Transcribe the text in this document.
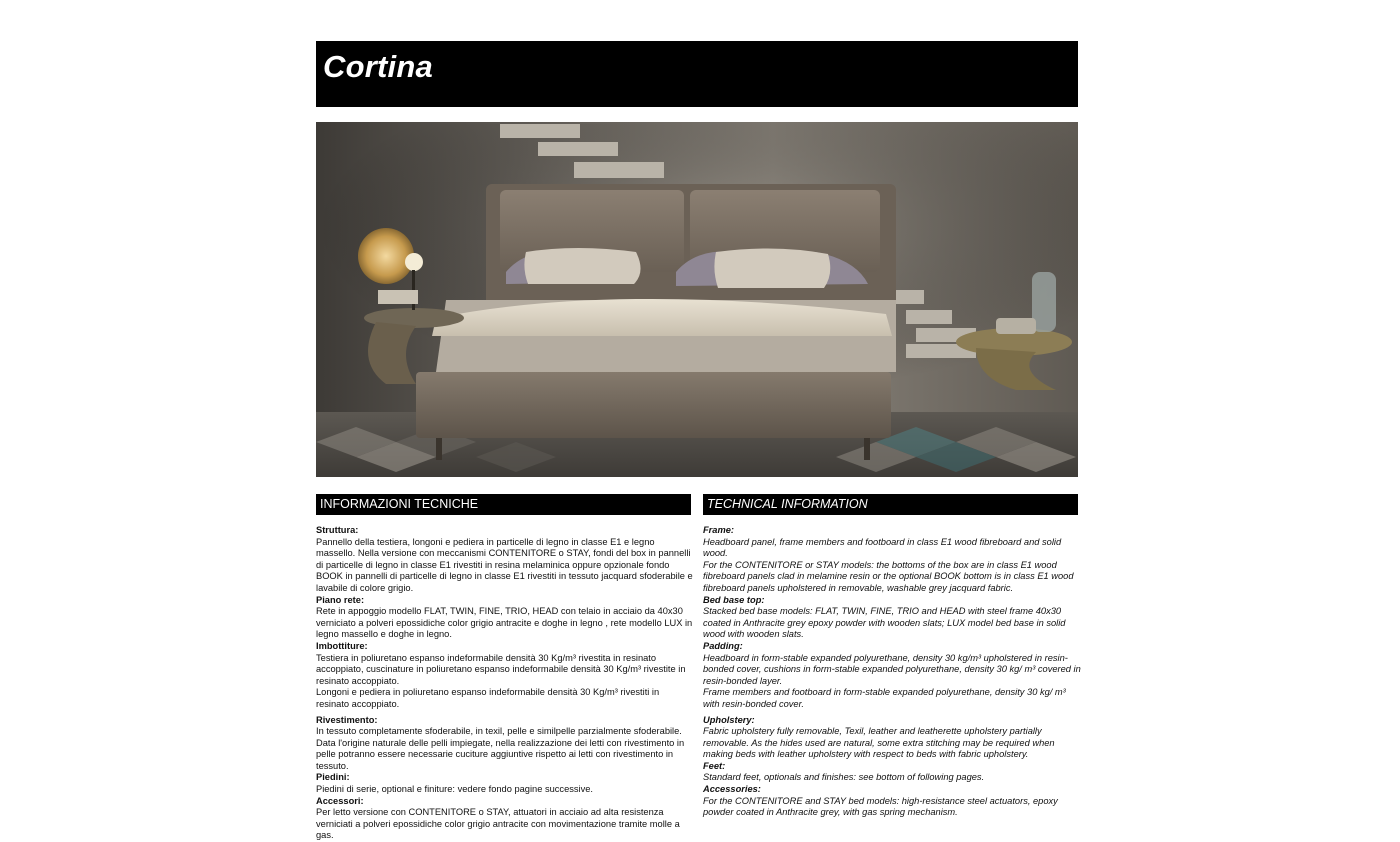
Cortina
INFORMAZIONI TECNICHE	TECHNICAL INFORMATION

Struttura:

Pannello della testiera, longoni e pediera in particelle di legno in classe E1 e legno massello. Nella versione con meccanismi CONTENITORE o STAY, fondi del box in pannelli di particelle di legno in classe E1 rivestiti in resina melaminica oppure opzionale fondo BOOK in pannelli di particelle di legno in classe E1 rivestiti in tessuto jacquard sfoderabile e lavabile di colore grigio.

Piano rete:

Rete in appoggio modello FLAT, TWIN, FINE, TRIO, HEAD con telaio in acciaio da 40x30 verniciato a polveri epossidiche color grigio antracite e doghe in legno , rete modello LUX in legno massello e doghe in legno.

Imbottiture:

Testiera in poliuretano espanso indeformabile densità 30 Kg/m³ rivestita in resinato accoppiato, cuscinature in poliuretano espanso indeformabile densità 30 Kg/m³ rivestite in resinato accoppiato.

Longoni e pediera in poliuretano espanso indeformabile densità 30 Kg/m³ rivestiti in resinato accoppiato.

Rivestimento:

In tessuto completamente sfoderabile, in texil, pelle e similpelle parzialmente sfoderabile. Data l'origine naturale delle pelli impiegate, nella realizzazione dei letti con rivestimento in pelle potranno essere necessarie cuciture aggiuntive rispetto ai letti con rivestimento in tessuto.

Piedini:

Piedini di serie, optional e finiture: vedere fondo pagine successive.

Accessori:

Per letto versione con CONTENITORE o STAY, attuatori in acciaio ad alta resistenza verniciati a polveri epossidiche color grigio antracite con movimentazione tramite molle a gas.

Frame:

Headboard panel, frame members and footboard in class E1 wood fibreboard and solid wood.

For the CONTENITORE or STAY models: the bottoms of the box are in class E1 wood fibreboard panels clad in melamine resin or the optional BOOK bottom is in class E1 wood fibreboard panels upholstered in removable, washable grey jacquard fabric.

Bed base top:

Stacked bed base models: FLAT, TWIN, FINE, TRIO and HEAD with steel frame 40x30 coated in Anthracite grey epoxy powder with wooden slats; LUX model bed base in solid wood with wooden slats.

Padding:

Headboard in form-stable expanded polyurethane, density 30 kg/m³ upholstered in resin-bonded cover, cushions in form-stable expanded polyurethane, density 30 kg/ m³ covered in resin-bonded layer.

Frame members and footboard in form-stable expanded polyurethane, density 30 kg/ m³ with resin-bonded cover.

Upholstery:

Fabric upholstery fully removable, Texil, leather and leatherette upholstery partially removable. As the hides used are natural, some extra stitching may be required when making beds with leather upholstery with respect to beds with fabric upholstery.

Feet:

Standard feet, optionals and finishes: see bottom of following pages.

Accessories:

For the CONTENITORE and STAY bed models: high-resistance steel actuators, epoxy powder coated in Anthracite grey, with gas spring mechanism.
